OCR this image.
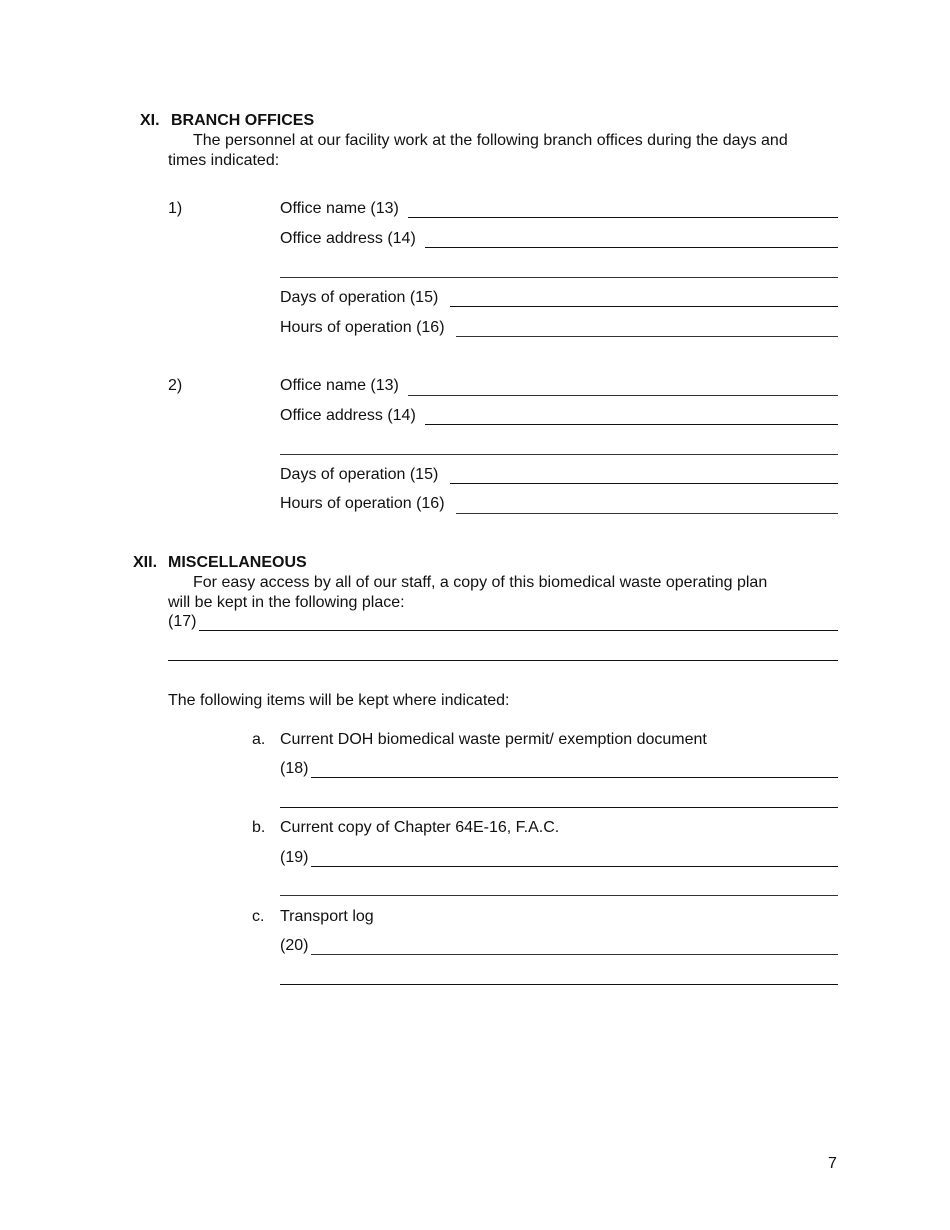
XI. BRANCH OFFICES
The personnel at our facility work at the following branch offices during the days and
times indicated:
1)	Office name (13)
Office address (14)
Days of operation (15)
Hours of operation (16)
2)	Office name (13)
Office address (14)
Days of operation (15)
Hours of operation (16)
XII. MISCELLANEOUS
For easy access by all of our staff, a copy of this biomedical waste operating plan
will be kept in the following place:
(17)
The following items will be kept where indicated:
a. Current DOH biomedical waste permit/ exemption document
(18)
b. Current copy of Chapter 64E-16, F.A.C.
(19)
c. Transport log
(20)
7
